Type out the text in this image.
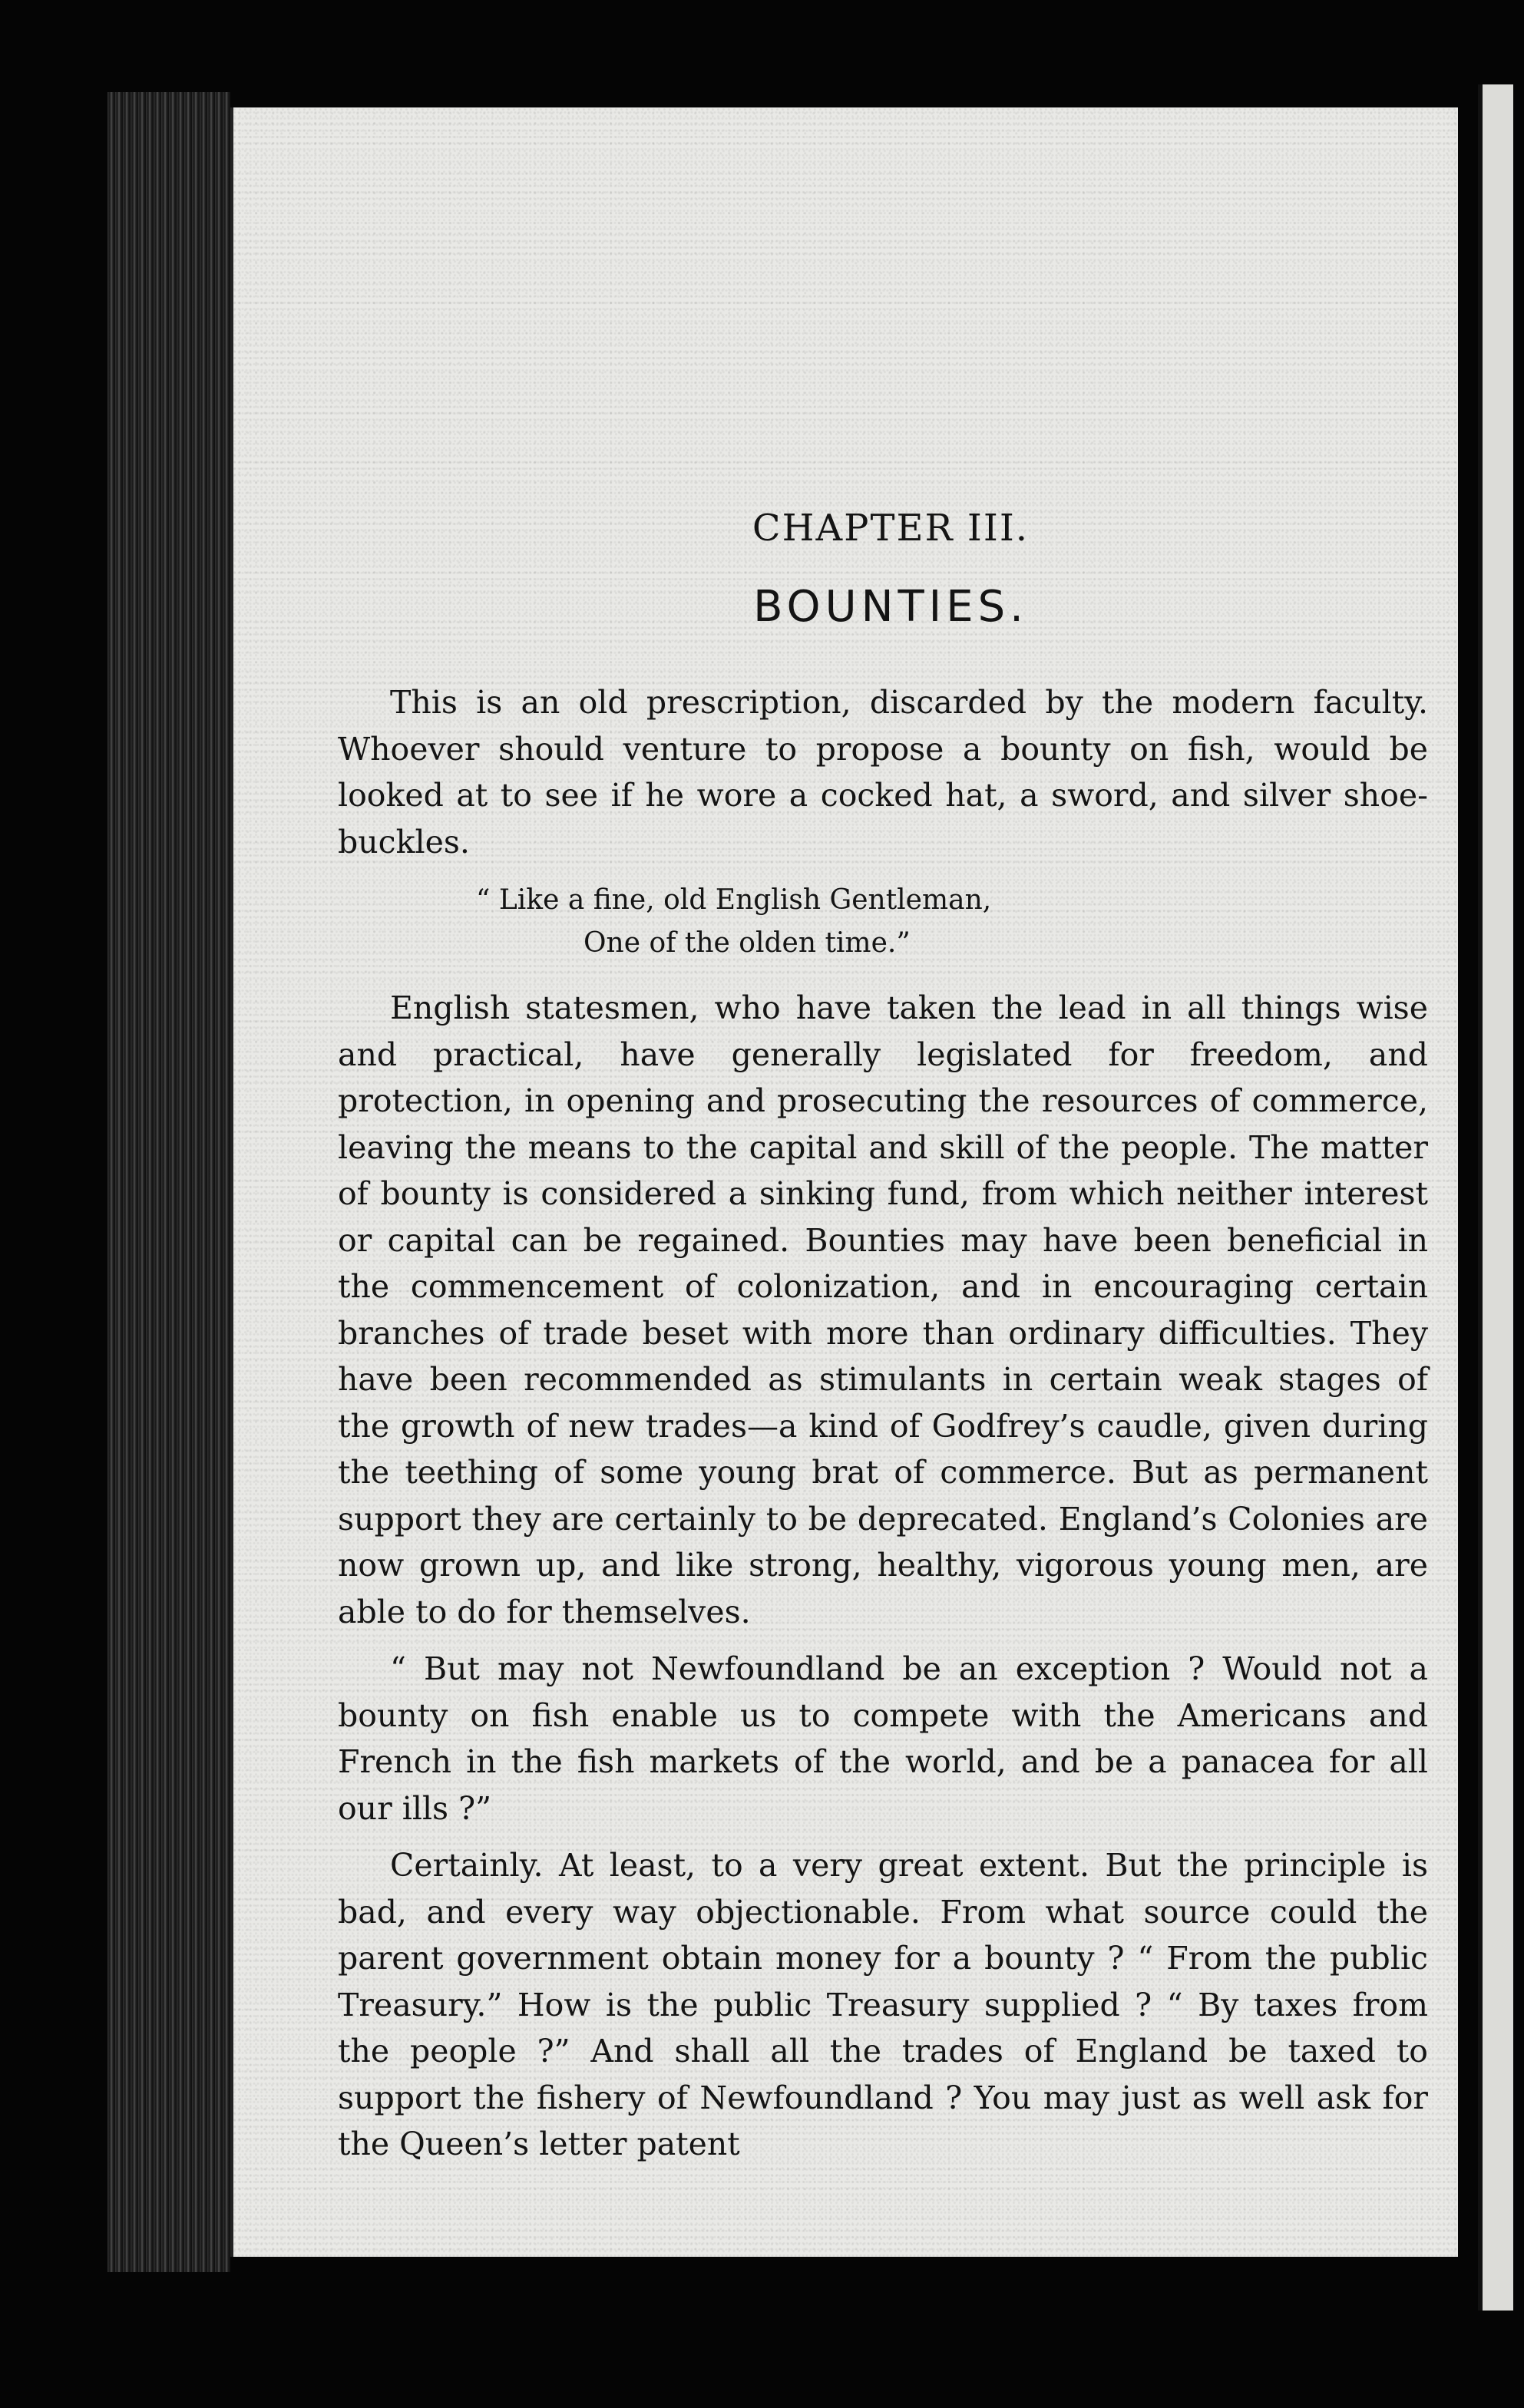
CHAPTER III.
BOUNTIES.

This is an old prescription, discarded by the modern faculty. Whoever should venture to propose a bounty on fish, would be looked at to see if he wore a cocked hat, a sword, and silver shoe-buckles.

“ Like a fine, old English Gentleman,
One of the olden time.”

English statesmen, who have taken the lead in all things wise and practical, have generally legislated for freedom, and protection, in opening and prosecuting the resources of commerce, leaving the means to the capital and skill of the people. The matter of bounty is considered a sinking fund, from which neither interest or capital can be regained. Bounties may have been beneficial in the commencement of colonization, and in encouraging certain branches of trade beset with more than ordinary difficulties. They have been recommended as stimulants in certain weak stages of the growth of new trades—a kind of Godfrey’s caudle, given during the teething of some young brat of commerce. But as permanent support they are certainly to be deprecated. England’s Colonies are now grown up, and like strong, healthy, vigorous young men, are able to do for themselves.

“ But may not Newfoundland be an exception ? Would not a bounty on fish enable us to compete with the Americans and French in the fish markets of the world, and be a panacea for all our ills ?”

Certainly. At least, to a very great extent. But the principle is bad, and every way objectionable. From what source could the parent government obtain money for a bounty ? “ From the public Treasury.” How is the public Treasury supplied ? “ By taxes from the people ?” And shall all the trades of England be taxed to support the fishery of Newfoundland ? You may just as well ask for the Queen’s letter patent
